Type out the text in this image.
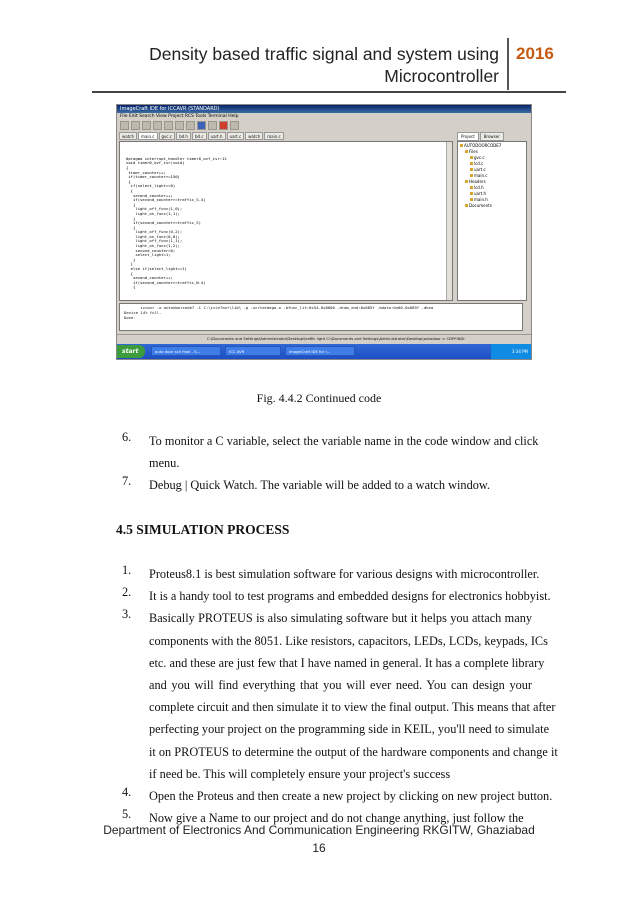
Density based traffic signal and system using
Microcontroller
2016
ImageCraft IDE for ICCAVR (STANDARD)
File Edit Search View Project RCS Tools Terminal Help
watch	main.c	gvc.c	bd.h	bd.c	uart.h	uart.c	watch	main.c

#pragma interrupt_handler timer0_ovf_isr:12
void timer0_ovf_isr(void)
{
timer_counter++;
if(timer_counter>=150)
{
if(select_light==0)
{
second_counter++;
if(second_counter>=traffic_S-4)
{
light_off_func(1,0);
light_on_func(1,1);
}
if(second_counter>=traffic_S)
{
light_off_func(0,2);
light_on_func(0,0);
light_off_func(1,1);
light_on_func(1,2);
second_counter=0;
select_light=1;
}
}
else if(select_light==1)
{
second_counter++;
if(second_counter>=traffic_N-4)
{
Project	Browser
AUTODOORCODE7
Files
gvc.c
lcd.c
uart.c
main.c
Headers
lcd.h
uart.h
main.h
Documents
iccavr -o autodoorcode7 -L C:\iccv7avr\lib\ -g -ucrtatmega.o -bfunc_lit:0x54.0x8000 -dram_end:0x085f -bdata:0x60.0x085f -dhea
Device 14% full.
Done.
C:\Documents and Settings\Administrator\Desktop\traffic light C:\Documents and Settings\Administrator\Desktop\autodoor > CDPFINDI
start	auto door sch final - S...	ICC AVR	ImageCraft IDE for I...	3:34 PM
Fig. 4.4.2 Continued code
6. To monitor a C variable, select the variable name in the code window and click
menu.
7. Debug | Quick Watch. The variable will be added to a watch window.
4.5 SIMULATION PROCESS
1. Proteus8.1 is best simulation software for various designs with microcontroller.
2. It is a handy tool to test programs and embedded designs for electronics hobbyist.
3. Basically PROTEUS is also simulating software but it helps you attach many
components with the 8051. Like resistors, capacitors, LEDs, LCDs, keypads, ICs
etc. and these are just few that I have named in general. It has a complete library
and you will find everything that you will ever need. You can design your
complete circuit and then simulate it to view the final output. This means that after
perfecting your project on the programming side in KEIL, you'll need to simulate
it on PROTEUS to determine the output of the hardware components and change it
if need be. This will completely ensure your project's success
4. Open the Proteus and then create a new project by clicking on new project button.
5. Now give a Name to our project and do not change anything, just follow the
Department of Electronics And Communication Engineering RKGITW, Ghaziabad
16
